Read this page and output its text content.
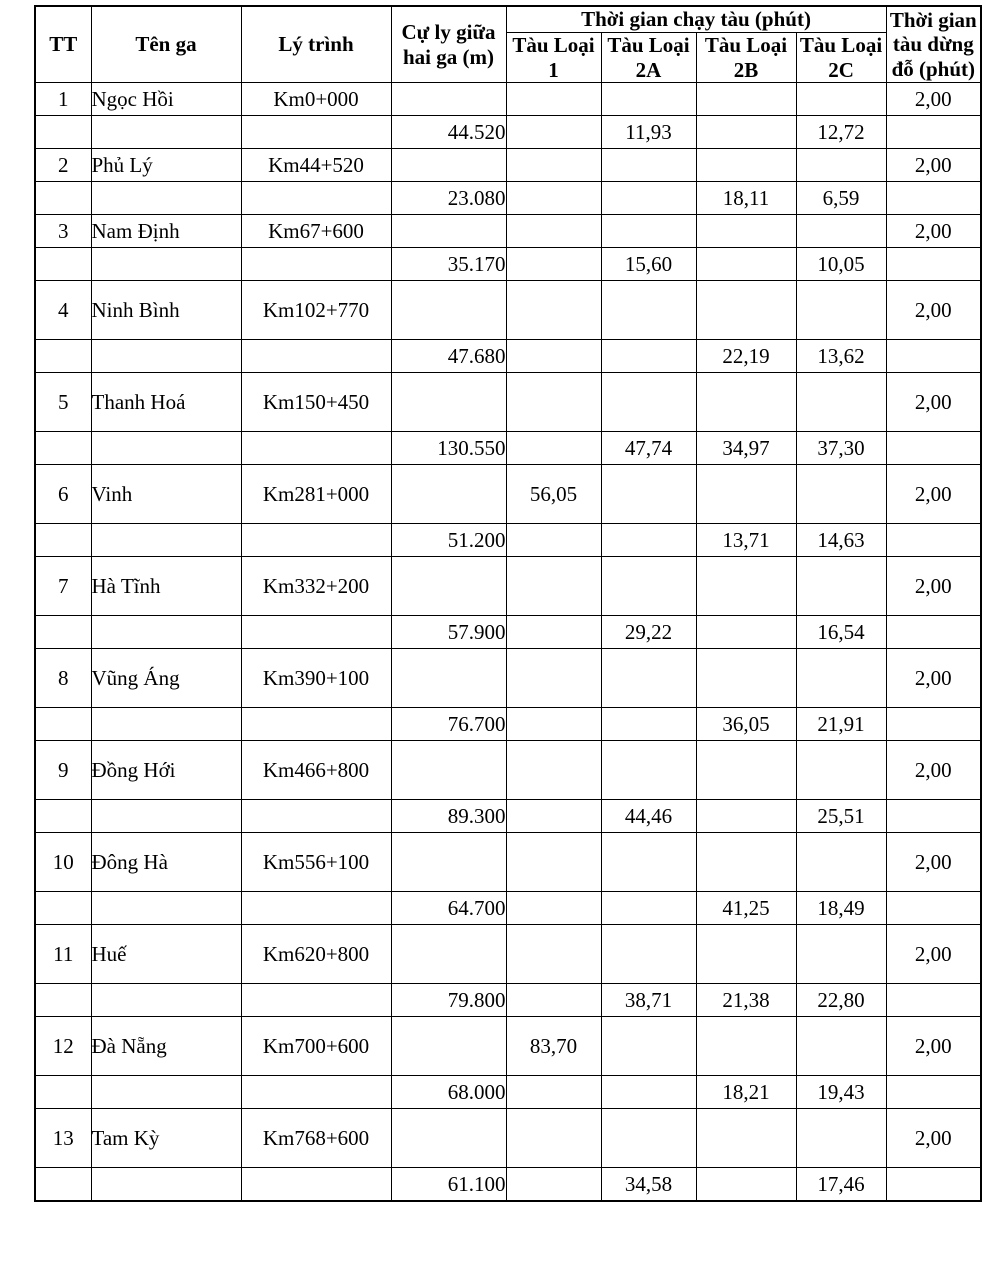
TT	Tên ga	Lý trình	Cự ly giữa hai ga (m)	Thời gian chạy tàu (phút)				Thời gian tàu dừng đỗ (phút)
				Tàu Loại 1	Tàu Loại 2A	Tàu Loại 2B	Tàu Loại 2C	
1	Ngọc Hồi	Km0+000						2,00
			44.520		11,93		12,72	
2	Phủ Lý	Km44+520						2,00
			23.080			18,11	6,59	
3	Nam Định	Km67+600						2,00
			35.170		15,60		10,05	
4	Ninh Bình	Km102+770						2,00
			47.680			22,19	13,62	
5	Thanh Hoá	Km150+450						2,00
			130.550		47,74	34,97	37,30	
6	Vinh	Km281+000		56,05				2,00
			51.200			13,71	14,63	
7	Hà Tĩnh	Km332+200						2,00
			57.900		29,22		16,54	
8	Vũng Áng	Km390+100						2,00
			76.700			36,05	21,91	
9	Đồng Hới	Km466+800						2,00
			89.300		44,46		25,51	
10	Đông Hà	Km556+100						2,00
			64.700			41,25	18,49	
11	Huế	Km620+800						2,00
			79.800		38,71	21,38	22,80	
12	Đà Nẵng	Km700+600		83,70				2,00
			68.000			18,21	19,43	
13	Tam Kỳ	Km768+600						2,00
			61.100		34,58		17,46	
